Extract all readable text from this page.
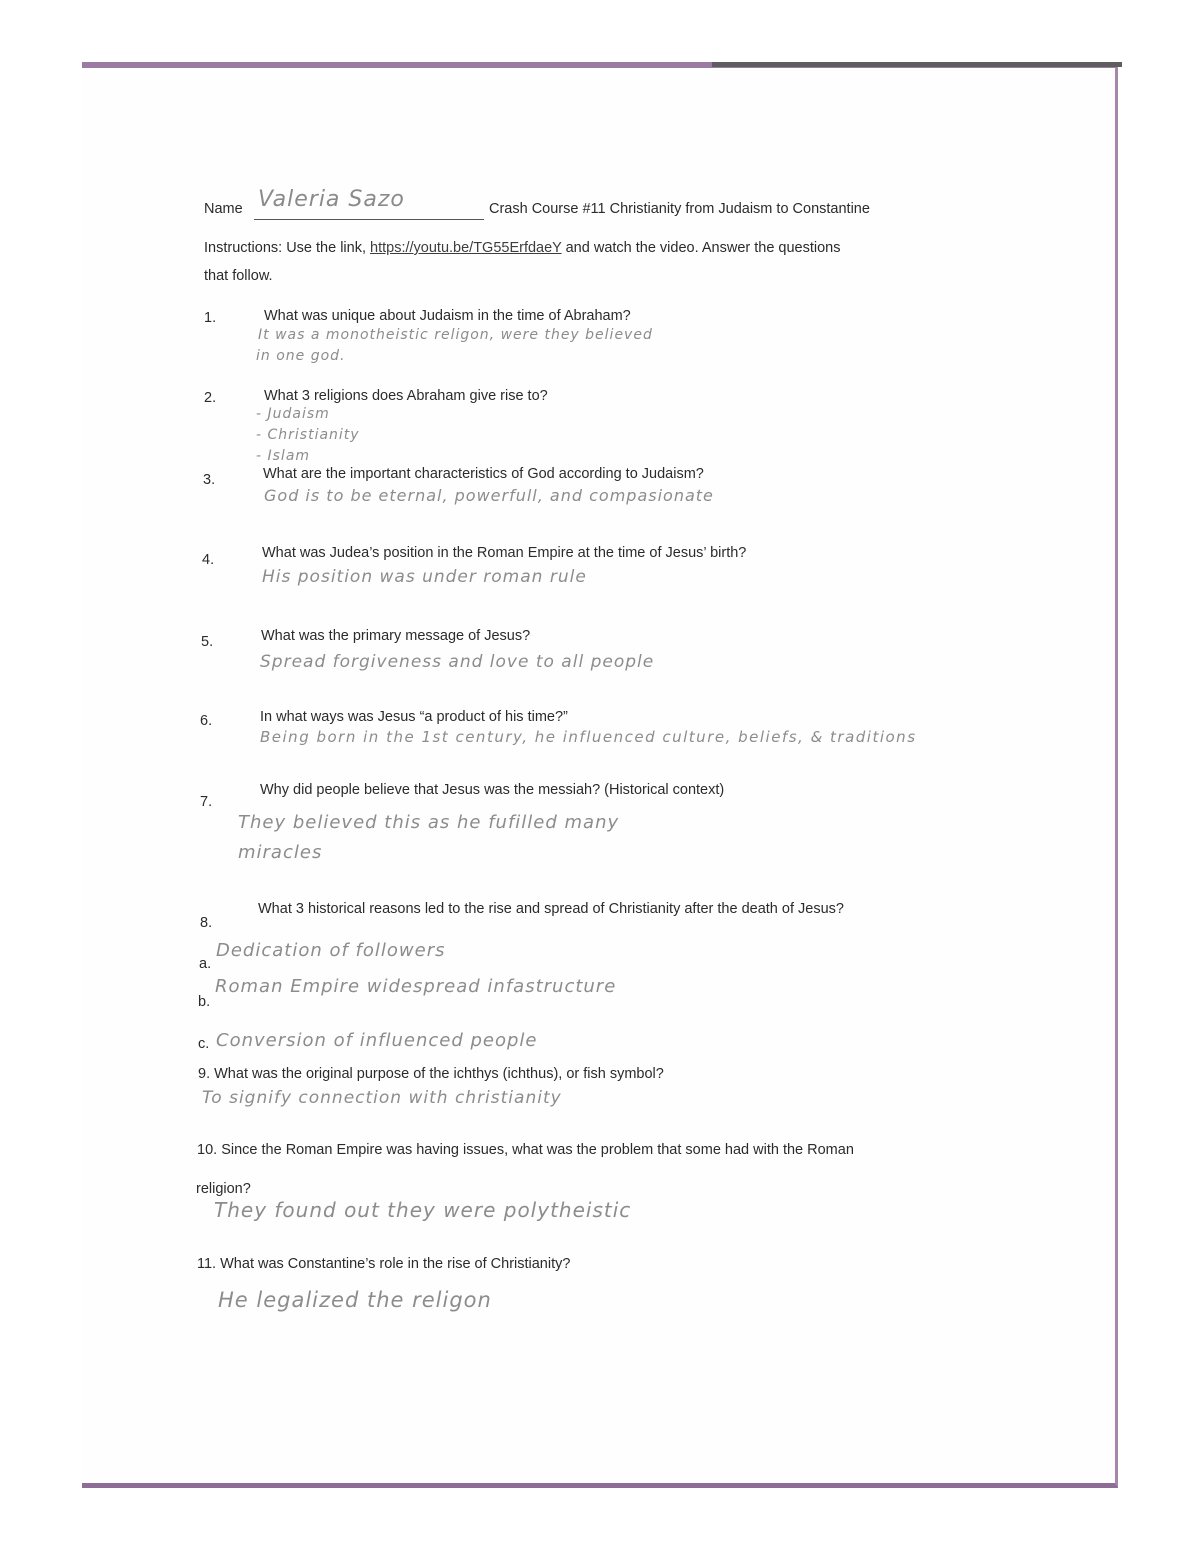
Name Valeria Sazo	Crash Course #11 Christianity from Judaism to Constantine
Instructions: Use the link, https://youtu.be/TG55ErfdaeY and watch the video. Answer the questions
that follow.
1.	What was unique about Judaism in the time of Abraham?
It was a monotheistic religon, were they believed
in one god.
2.	What 3 religions does Abraham give rise to?
- Judaism
- Christianity
- Islam
3.	What are the important characteristics of God according to Judaism?
God is to be eternal, powerfull, and compasionate
4.	What was Judea’s position in the Roman Empire at the time of Jesus’ birth?
His position was under roman rule
5.	What was the primary message of Jesus?
Spread forgiveness and love to all people
6.	In what ways was Jesus “a product of his time?”
Being born in the 1st century, he influenced culture, beliefs, & traditions
7.
Why did people believe that Jesus was the messiah? (Historical context)
They believed this as he fufilled many
miracles
8.
What 3 historical reasons led to the rise and spread of Christianity after the death of Jesus?
a.
Dedication of followers
b.
Roman Empire widespread infastructure
c. Conversion of influenced people
9. What was the original purpose of the ichthys (ichthus), or fish symbol?
To signify connection with christianity
10. Since the Roman Empire was having issues, what was the problem that some had with the Roman
religion?
They found out they were polytheistic
11. What was Constantine’s role in the rise of Christianity?
He legalized the religon
